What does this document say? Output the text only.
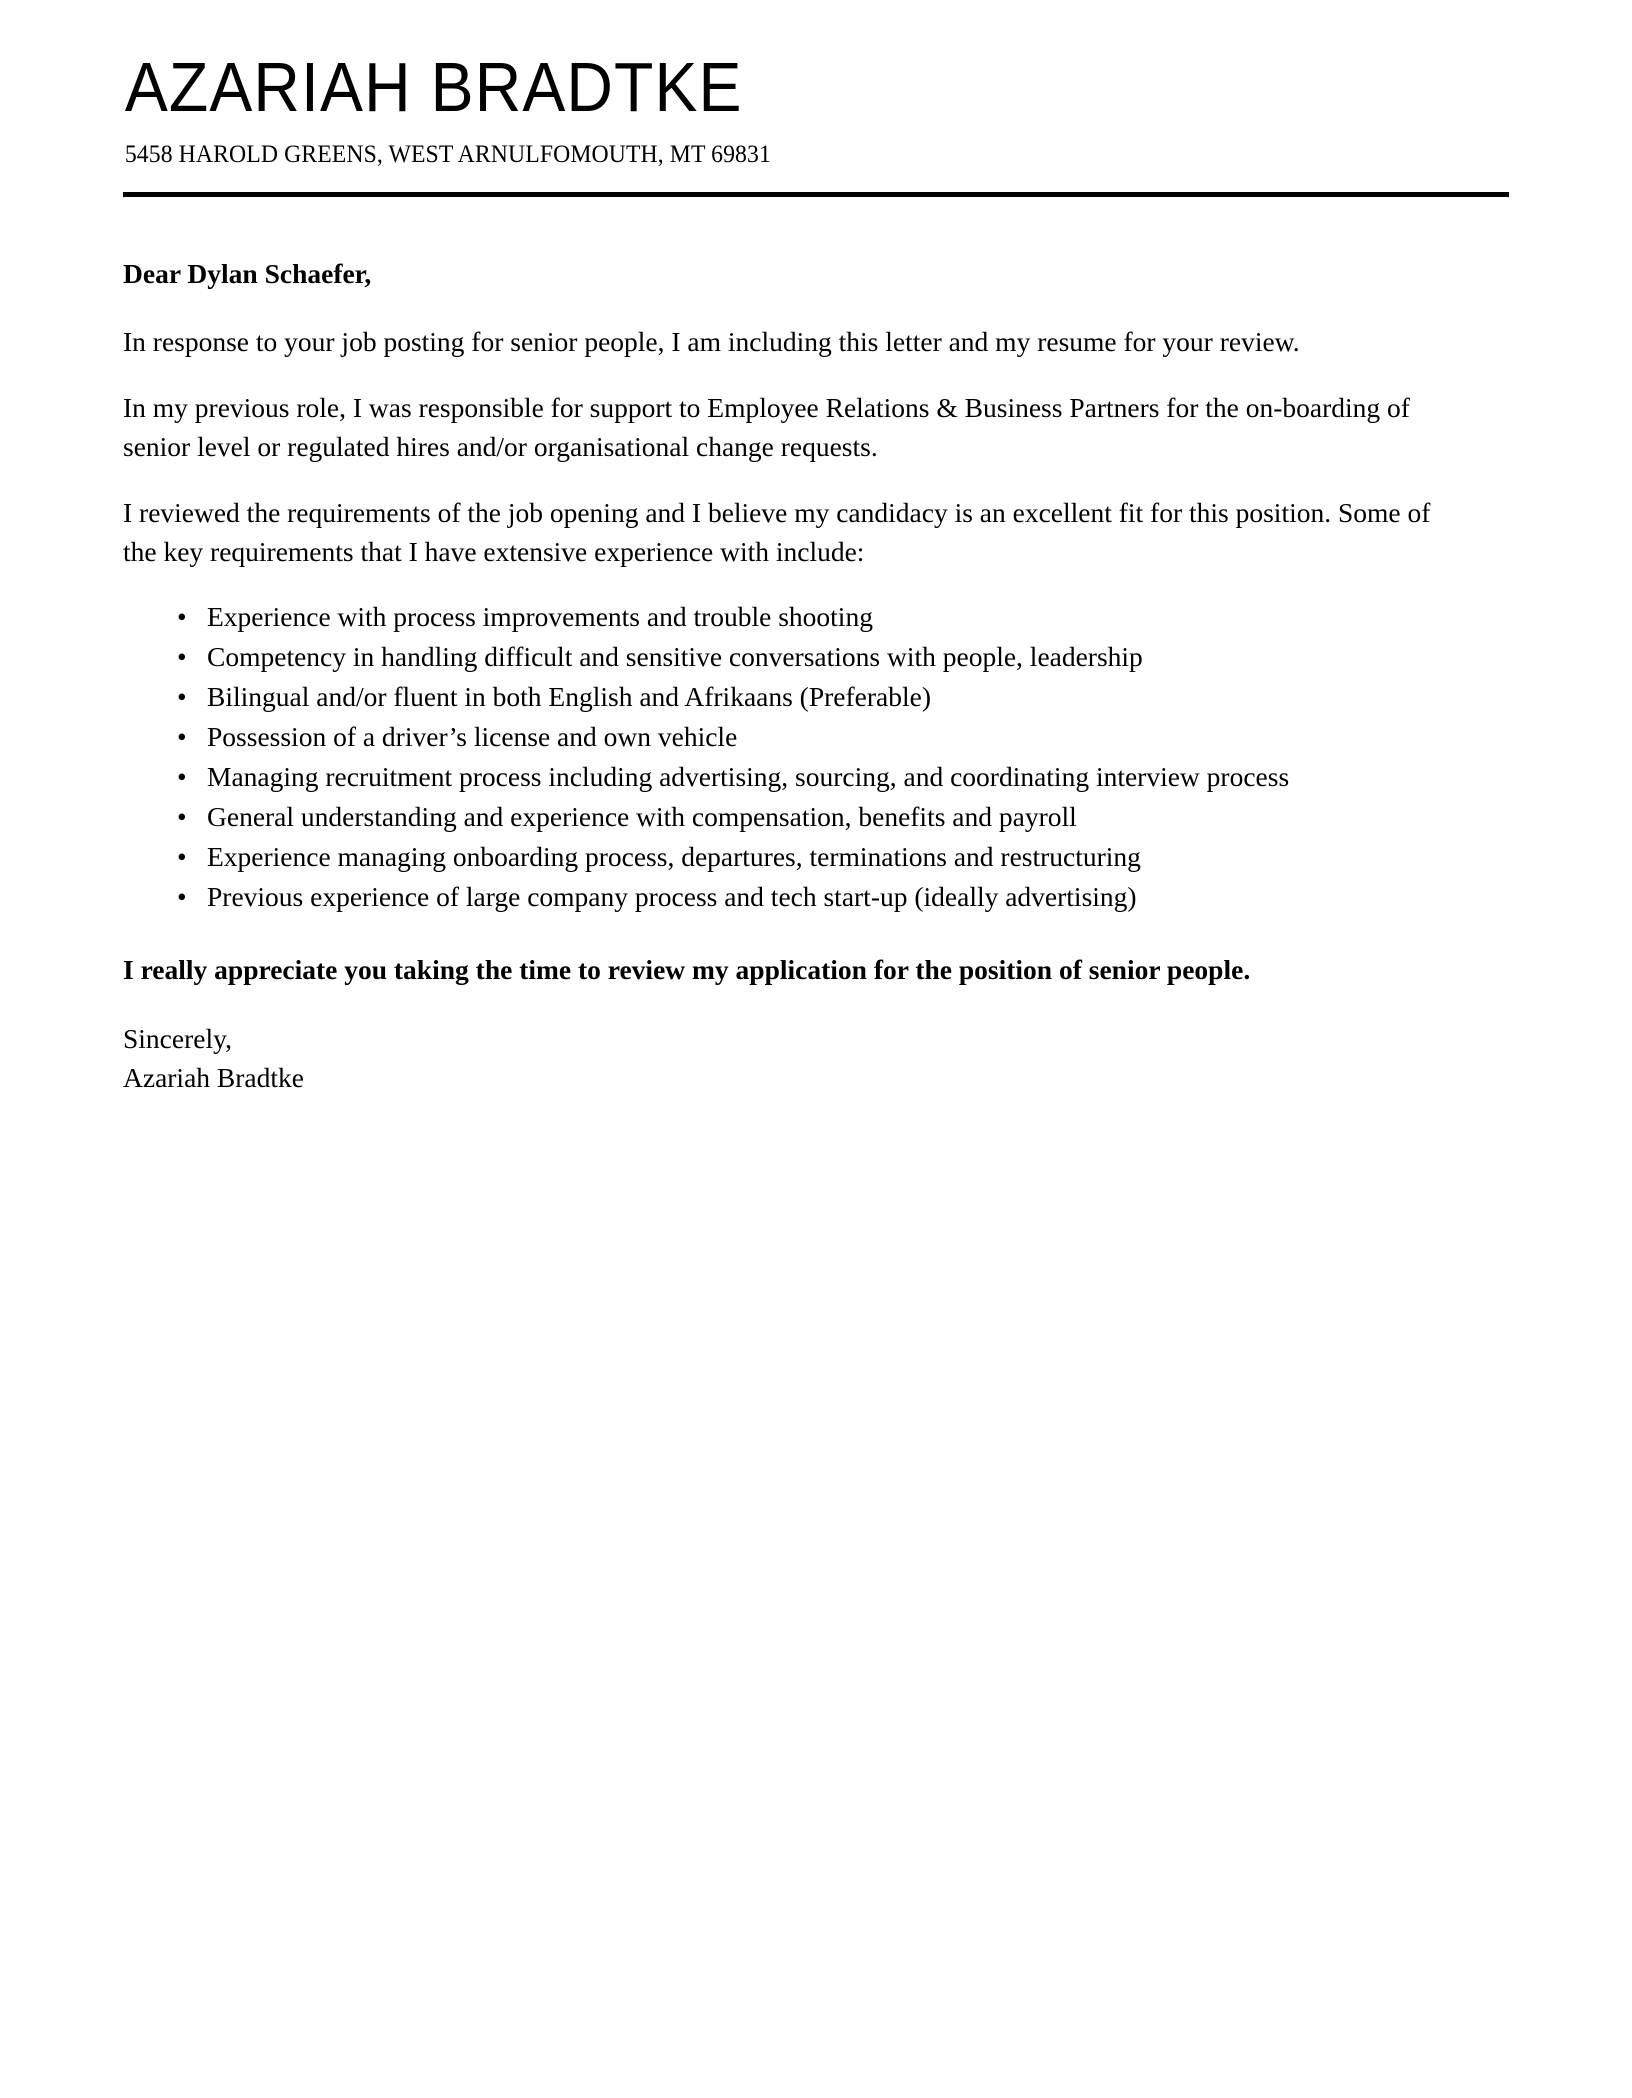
AZARIAH BRADTKE
5458 HAROLD GREENS, WEST ARNULFOMOUTH, MT 69831

Dear Dylan Schaefer,

In response to your job posting for senior people, I am including this letter and my resume for your review.

In my previous role, I was responsible for support to Employee Relations & Business Partners for the on-boarding of senior level or regulated hires and/or organisational change requests.

I reviewed the requirements of the job opening and I believe my candidacy is an excellent fit for this position. Some of the key requirements that I have extensive experience with include:

• Experience with process improvements and trouble shooting
• Competency in handling difficult and sensitive conversations with people, leadership
• Bilingual and/or fluent in both English and Afrikaans (Preferable)
• Possession of a driver’s license and own vehicle
• Managing recruitment process including advertising, sourcing, and coordinating interview process
• General understanding and experience with compensation, benefits and payroll
• Experience managing onboarding process, departures, terminations and restructuring
• Previous experience of large company process and tech start-up (ideally advertising)

I really appreciate you taking the time to review my application for the position of senior people.

Sincerely,
Azariah Bradtke
